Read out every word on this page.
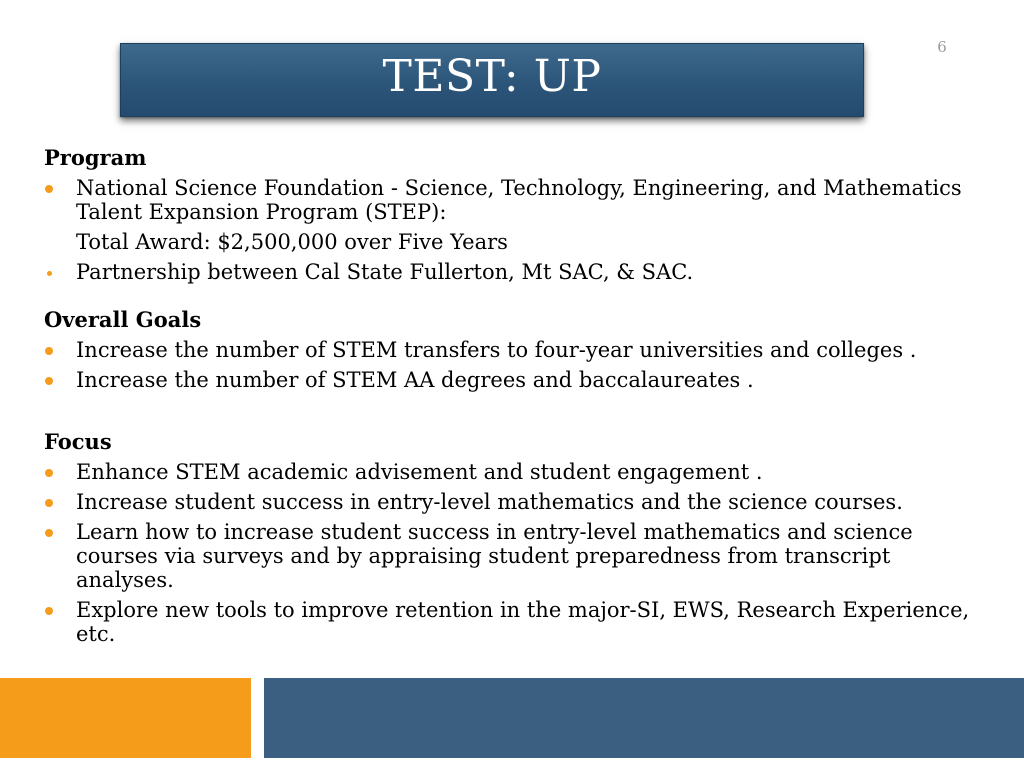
6
TEST: UP
Program
National Science Foundation - Science, Technology, Engineering, and Mathematics Talent Expansion Program (STEP):
Total Award: $2,500,000 over Five Years
Partnership between Cal State Fullerton, Mt SAC, & SAC.
Overall Goals
Increase the number of STEM transfers to four-year universities and colleges .
Increase the number of STEM AA degrees and baccalaureates .
Focus
Enhance STEM academic advisement and student engagement .
Increase student success in entry-level mathematics and the science courses.
Learn how to increase student success in entry-level mathematics and science courses via surveys and by appraising student preparedness from transcript analyses.
Explore new tools to improve retention in the major-SI, EWS, Research Experience, etc.
